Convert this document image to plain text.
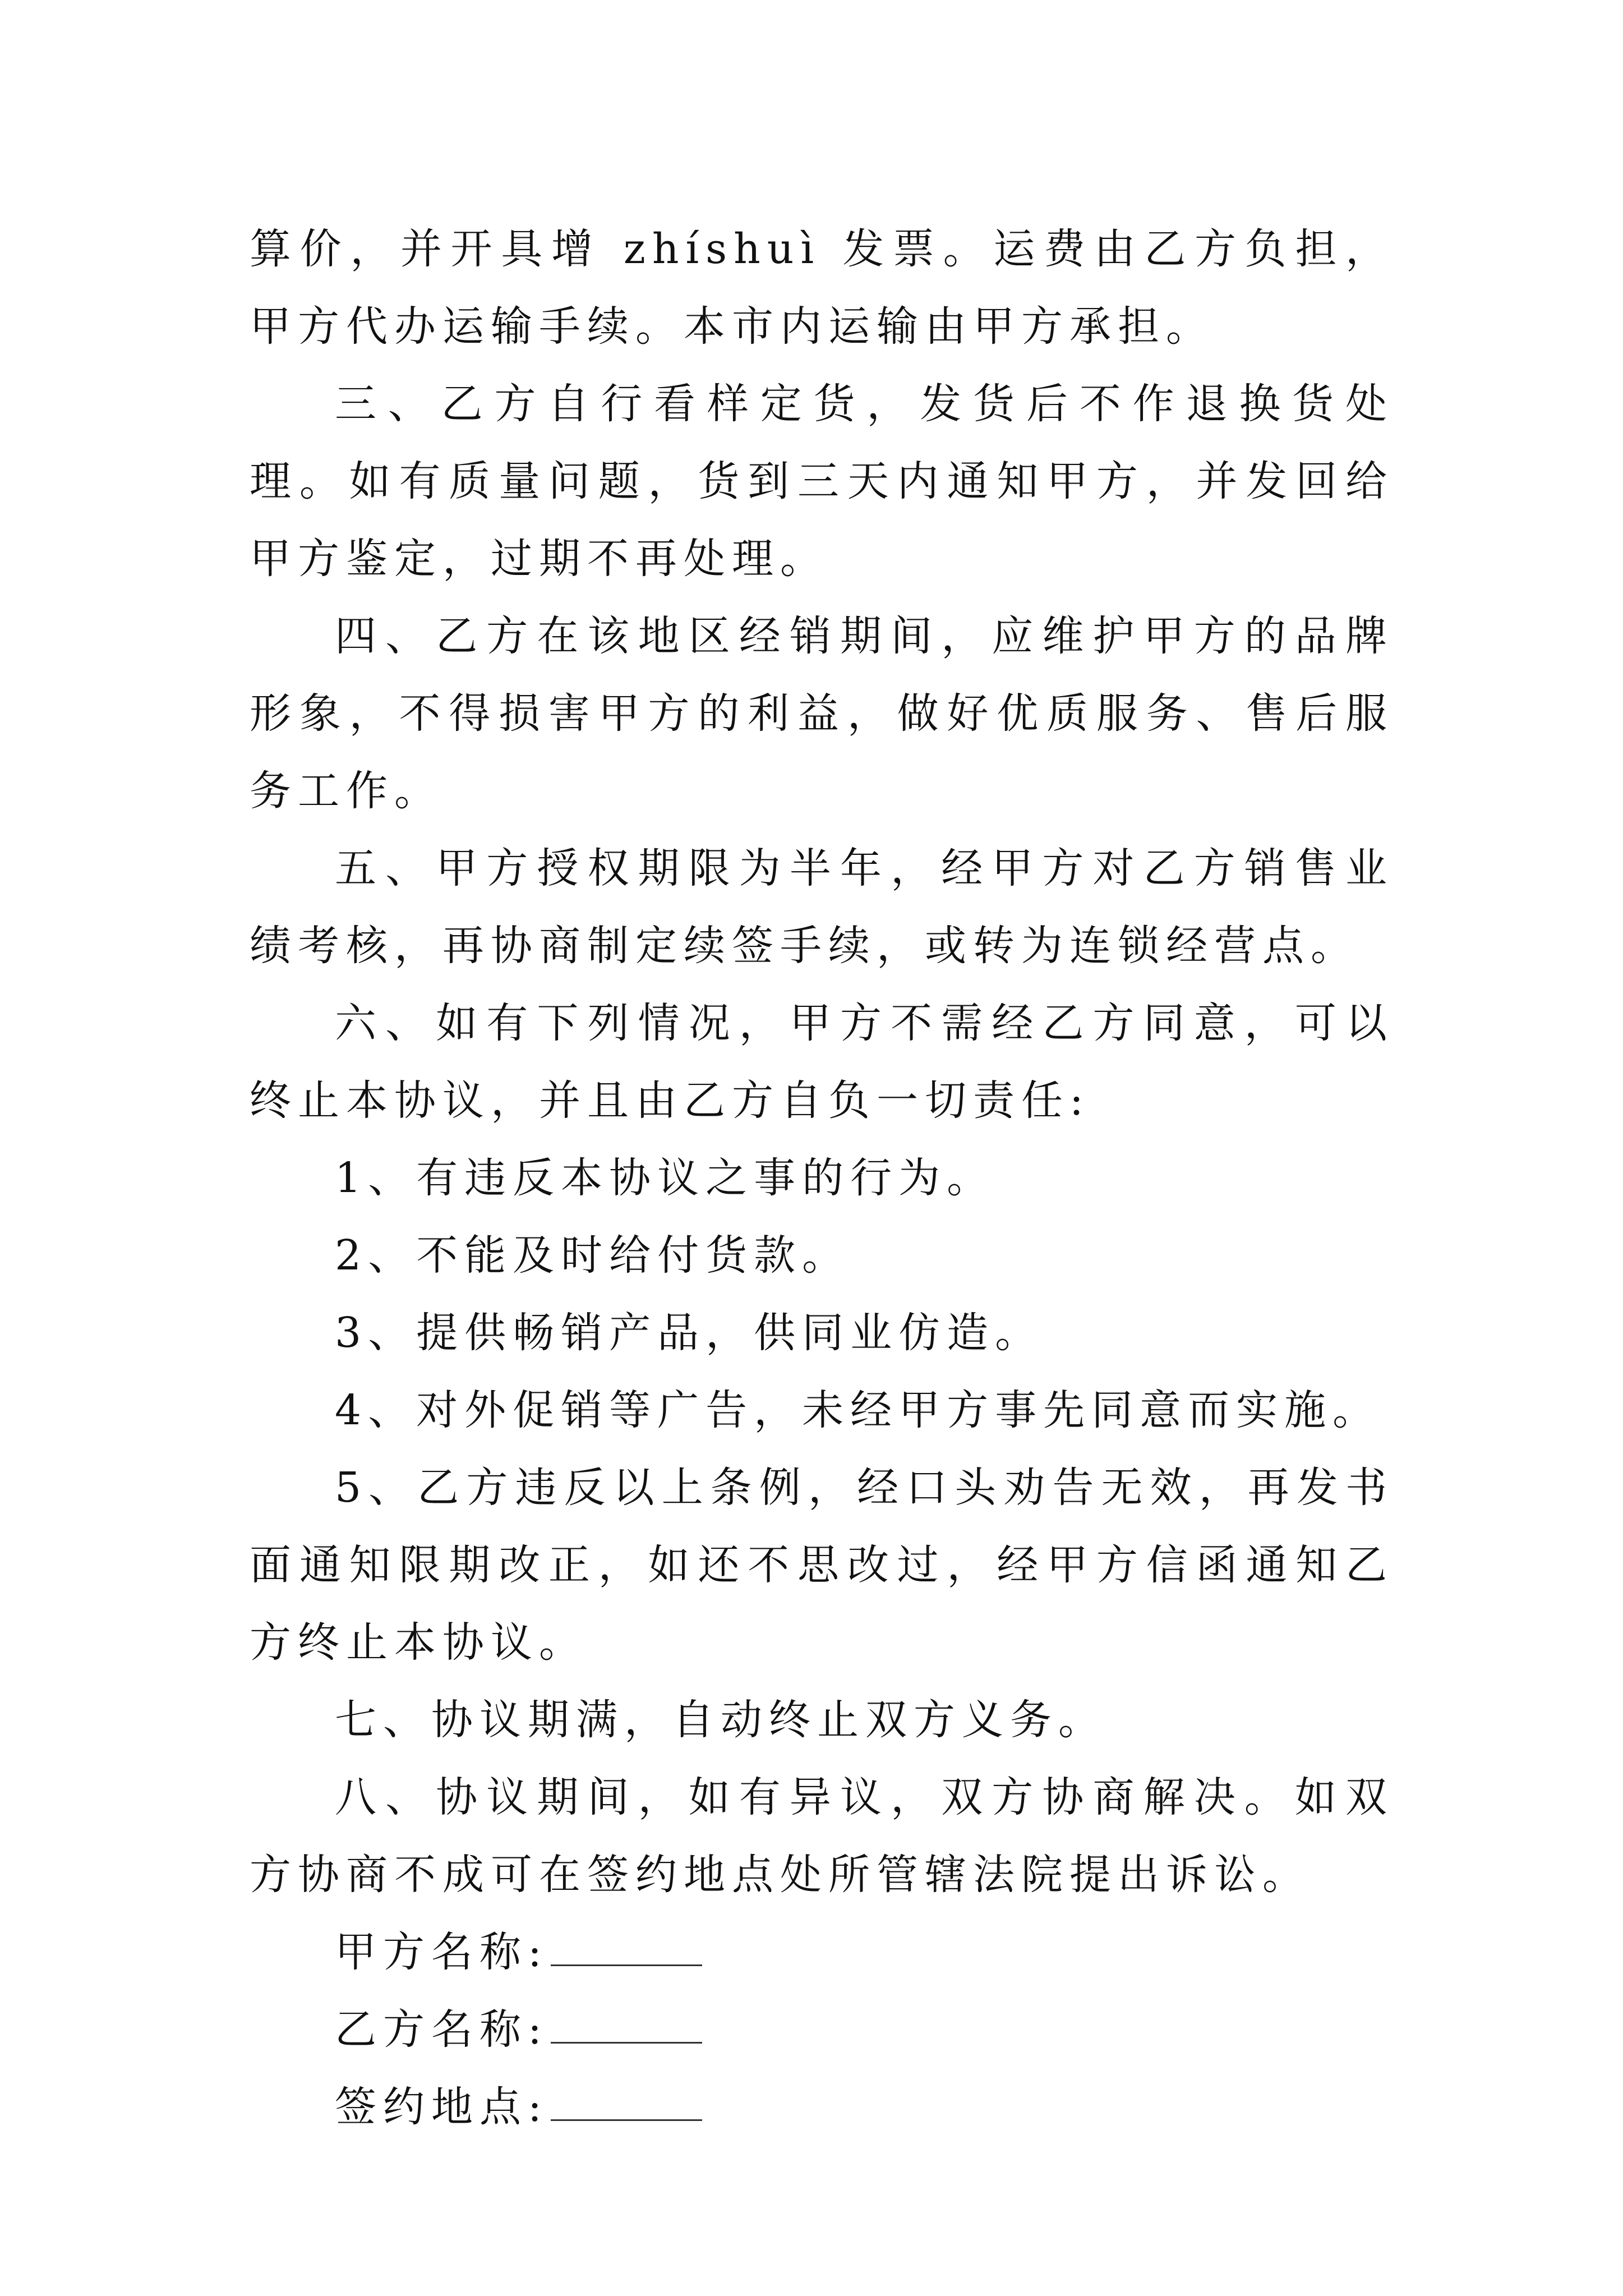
算价，并开具增 zhíshuì 发票。运费由乙方负担，甲方代办运输手续。本市内运输由甲方承担。

三、乙方自行看样定货，发货后不作退换货处理。如有质量问题，货到三天内通知甲方，并发回给甲方鉴定，过期不再处理。

四、乙方在该地区经销期间，应维护甲方的品牌形象，不得损害甲方的利益，做好优质服务、售后服务工作。

五、甲方授权期限为半年，经甲方对乙方销售业绩考核，再协商制定续签手续，或转为连锁经营点。

六、如有下列情况，甲方不需经乙方同意，可以终止本协议，并且由乙方自负一切责任:

1、有违反本协议之事的行为。

2、不能及时给付货款。

3、提供畅销产品，供同业仿造。

4、对外促销等广告，未经甲方事先同意而实施。

5、乙方违反以上条例，经口头劝告无效，再发书面通知限期改正，如还不思改过，经甲方信函通知乙方终止本协议。

七、协议期满，自动终止双方义务。

八、协议期间，如有异议，双方协商解决。如双方协商不成可在签约地点处所管辖法院提出诉讼。

甲方名称:
乙方名称:
签约地点:
